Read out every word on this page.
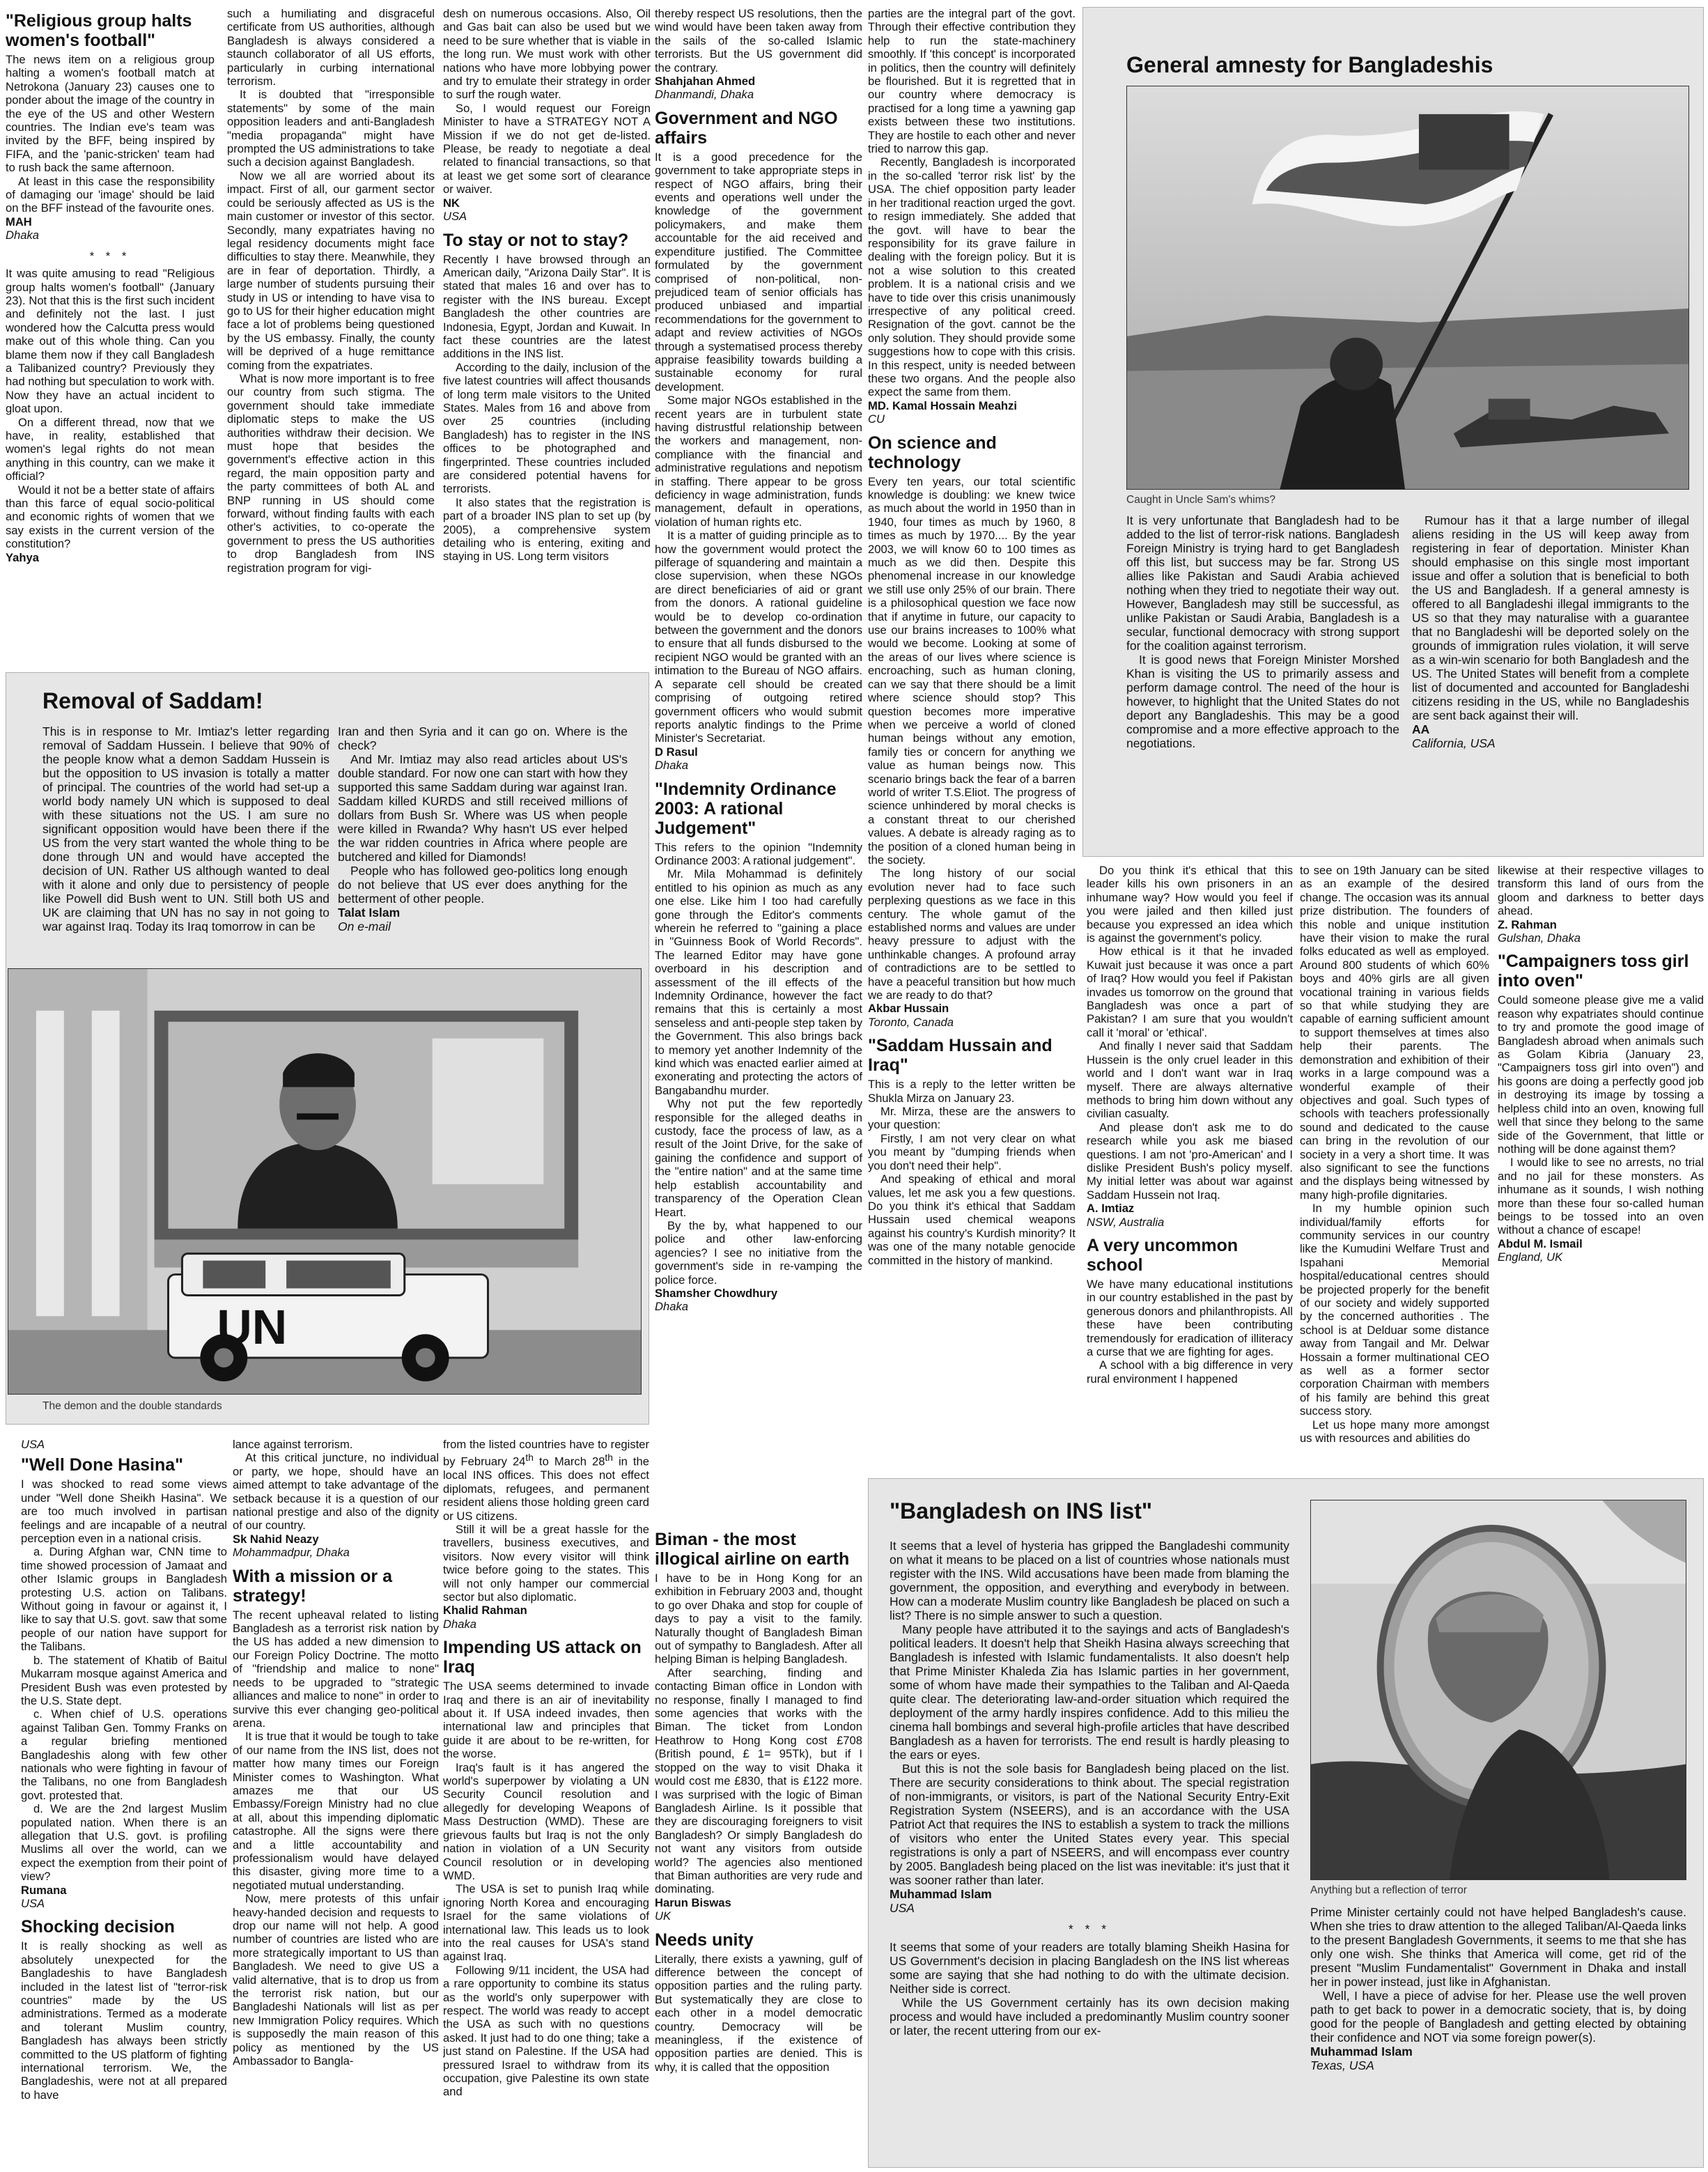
"Religious group halts women's football"

The news item on a religious group halting a women's football match at Netrokona (January 23) causes one to ponder about the image of the country in the eye of the US and other Western countries. The Indian eve's team was invited by the BFF, being inspired by FIFA, and the 'panic-stricken' team had to rush back the same afternoon.

At least in this case the responsibility of damaging our 'image' should be laid on the BFF instead of the favourite ones.

MAH

Dhaka

* * *

It was quite amusing to read "Religious group halts women's football" (January 23). Not that this is the first such incident and definitely not the last. I just wondered how the Calcutta press would make out of this whole thing. Can you blame them now if they call Bangladesh a Talibanized country? Previously they had nothing but speculation to work with. Now they have an actual incident to gloat upon.

On a different thread, now that we have, in reality, established that women's legal rights do not mean anything in this country, can we make it official?

Would it not be a better state of affairs than this farce of equal socio-political and economic rights of women that we say exists in the current version of the constitution?

Yahya

such a humiliating and disgraceful certificate from US authorities, although Bangladesh is always considered a staunch collaborator of all US efforts, particularly in curbing international terrorism.

It is doubted that "irresponsible statements" by some of the main opposition leaders and anti-Bangladesh "media propaganda" might have prompted the US administrations to take such a decision against Bangladesh.

Now we all are worried about its impact. First of all, our garment sector could be seriously affected as US is the main customer or investor of this sector. Secondly, many expatriates having no legal residency documents might face difficulties to stay there. Meanwhile, they are in fear of deportation. Thirdly, a large number of students pursuing their study in US or intending to have visa to go to US for their higher education might face a lot of problems being questioned by the US embassy. Finally, the county will be deprived of a huge remittance coming from the expatriates.

What is now more important is to free our country from such stigma. The government should take immediate diplomatic steps to make the US authorities withdraw their decision. We must hope that besides the government's effective action in this regard, the main opposition party and the party committees of both AL and BNP running in US should come forward, without finding faults with each other's activities, to co-operate the government to press the US authorities to drop Bangladesh from INS registration program for vigi-

desh on numerous occasions. Also, Oil and Gas bait can also be used but we need to be sure whether that is viable in the long run. We must work with other nations who have more lobbying power and try to emulate their strategy in order to surf the rough water.

So, I would request our Foreign Minister to have a STRATEGY NOT A Mission if we do not get de-listed. Please, be ready to negotiate a deal related to financial transactions, so that at least we get some sort of clearance or waiver.

NK

USA

To stay or not to stay?

Recently I have browsed through an American daily, "Arizona Daily Star". It is stated that males 16 and over has to register with the INS bureau. Except Bangladesh the other countries are Indonesia, Egypt, Jordan and Kuwait. In fact these countries are the latest additions in the INS list.

According to the daily, inclusion of the five latest countries will affect thousands of long term male visitors to the United States. Males from 16 and above from over 25 countries (including Bangladesh) has to register in the INS offices to be photographed and fingerprinted. These countries included are considered potential havens for terrorists.

It also states that the registration is part of a broader INS plan to set up (by 2005), a comprehensive system detailing who is entering, exiting and staying in US. Long term visitors

thereby respect US resolutions, then the wind would have been taken away from the sails of the so-called Islamic terrorists. But the US government did the contrary.

Shahjahan Ahmed

Dhanmandi, Dhaka

Government and NGO affairs

It is a good precedence for the government to take appropriate steps in respect of NGO affairs, bring their events and operations well under the knowledge of the government policymakers, and make them accountable for the aid received and expenditure justified. The Committee formulated by the government comprised of non-political, non-prejudiced team of senior officials has produced unbiased and impartial recommendations for the government to adapt and review activities of NGOs through a systematised process thereby appraise feasibility towards building a sustainable economy for rural development.

Some major NGOs established in the recent years are in turbulent state having distrustful relationship between the workers and management, non-compliance with the financial and administrative regulations and nepotism in staffing. There appear to be gross deficiency in wage administration, funds management, default in operations, violation of human rights etc.

It is a matter of guiding principle as to how the government would protect the pilferage of squandering and maintain a close supervision, when these NGOs are direct beneficiaries of aid or grant from the donors. A rational guideline would be to develop co-ordination between the government and the donors to ensure that all funds disbursed to the recipient NGO would be granted with an intimation to the Bureau of NGO affairs. A separate cell should be created comprising of outgoing retired government officers who would submit reports analytic findings to the Prime Minister's Secretariat.

D Rasul

Dhaka

"Indemnity Ordinance 2003: A rational Judgement"

This refers to the opinion "Indemnity Ordinance 2003: A rational judgement".

Mr. Mila Mohammad is definitely entitled to his opinion as much as any one else. Like him I too had carefully gone through the Editor's comments wherein he referred to "gaining a place in "Guinness Book of World Records". The learned Editor may have gone overboard in his description and assessment of the ill effects of the Indemnity Ordinance, however the fact remains that this is certainly a most senseless and anti-people step taken by the Government. This also brings back to memory yet another Indemnity of the kind which was enacted earlier aimed at exonerating and protecting the actors of Bangabandhu murder.

Why not put the few reportedly responsible for the alleged deaths in custody, face the process of law, as a result of the Joint Drive, for the sake of gaining the confidence and support of the "entire nation" and at the same time help establish accountability and transparency of the Operation Clean Heart.

By the by, what happened to our police and other law-enforcing agencies? I see no initiative from the government's side in re-vamping the police force.

Shamsher Chowdhury

Dhaka

parties are the integral part of the govt. Through their effective contribution they help to run the state-machinery smoothly. If 'this concept' is incorporated in politics, then the country will definitely be flourished. But it is regretted that in our country where democracy is practised for a long time a yawning gap exists between these two institutions. They are hostile to each other and never tried to narrow this gap.

Recently, Bangladesh is incorporated in the so-called 'terror risk list' by the USA. The chief opposition party leader in her traditional reaction urged the govt. to resign immediately. She added that the govt. will have to bear the responsibility for its grave failure in dealing with the foreign policy. But it is not a wise solution to this created problem. It is a national crisis and we have to tide over this crisis unanimously irrespective of any political creed. Resignation of the govt. cannot be the only solution. They should provide some suggestions how to cope with this crisis. In this respect, unity is needed between these two organs. And the people also expect the same from them.

MD. Kamal Hossain Meahzi

CU

On science and technology

Every ten years, our total scientific knowledge is doubling: we knew twice as much about the world in 1950 than in 1940, four times as much by 1960, 8 times as much by 1970.... By the year 2003, we will know 60 to 100 times as much as we did then. Despite this phenomenal increase in our knowledge we still use only 25% of our brain. There is a philosophical question we face now that if anytime in future, our capacity to use our brains increases to 100% what would we become. Looking at some of the areas of our lives where science is encroaching, such as human cloning, can we say that there should be a limit where science should stop? This question becomes more imperative when we perceive a world of cloned human beings without any emotion, family ties or concern for anything we value as human beings now. This scenario brings back the fear of a barren world of writer T.S.Eliot. The progress of science unhindered by moral checks is a constant threat to our cherished values. A debate is already raging as to the position of a cloned human being in the society.

The long history of our social evolution never had to face such perplexing questions as we face in this century. The whole gamut of the established norms and values are under heavy pressure to adjust with the unthinkable changes. A profound array of contradictions are to be settled to have a peaceful transition but how much we are ready to do that?

Akbar Hussain

Toronto, Canada

"Saddam Hussain and Iraq"

This is a reply to the letter written be Shukla Mirza on January 23.

Mr. Mirza, these are the answers to your question:

Firstly, I am not very clear on what you meant by "dumping friends when you don't need their help".

And speaking of ethical and moral values, let me ask you a few questions. Do you think it's ethical that Saddam Hussain used chemical weapons against his country's Kurdish minority? It was one of the many notable genocide committed in the history of mankind.

General amnesty for Bangladeshis
Caught in Uncle Sam's whims?

It is very unfortunate that Bangladesh had to be added to the list of terror-risk nations. Bangladesh Foreign Ministry is trying hard to get Bangladesh off this list, but success may be far. Strong US allies like Pakistan and Saudi Arabia achieved nothing when they tried to negotiate their way out. However, Bangladesh may still be successful, as unlike Pakistan or Saudi Arabia, Bangladesh is a secular, functional democracy with strong support for the coalition against terrorism.

It is good news that Foreign Minister Morshed Khan is visiting the US to primarily assess and perform damage control. The need of the hour is however, to highlight that the United States do not deport any Bangladeshis. This may be a good compromise and a more effective approach to the negotiations.

Rumour has it that a large number of illegal aliens residing in the US will keep away from registering in fear of deportation. Minister Khan should emphasise on this single most important issue and offer a solution that is beneficial to both the US and Bangladesh. If a general amnesty is offered to all Bangladeshi illegal immigrants to the US so that they may naturalise with a guarantee that no Bangladeshi will be deported solely on the grounds of immigration rules violation, it will serve as a win-win scenario for both Bangladesh and the US. The United States will benefit from a complete list of documented and accounted for Bangladeshi citizens residing in the US, while no Bangladeshis are sent back against their will.

AA

California, USA

Removal of Saddam!

This is in response to Mr. Imtiaz's letter regarding removal of Saddam Hussein. I believe that 90% of the people know what a demon Saddam Hussein is but the opposition to US invasion is totally a matter of principal. The countries of the world had set-up a world body namely UN which is supposed to deal with these situations not the US. I am sure no significant opposition would have been there if the US from the very start wanted the whole thing to be done through UN and would have accepted the decision of UN. Rather US although wanted to deal with it alone and only due to persistency of people like Powell did Bush went to UN. Still both US and UK are claiming that UN has no say in not going to war against Iraq. Today its Iraq tomorrow in can be

Iran and then Syria and it can go on. Where is the check?

And Mr. Imtiaz may also read articles about US's double standard. For now one can start with how they supported this same Saddam during war against Iran. Saddam killed KURDS and still received millions of dollars from Bush Sr. Where was US when people were killed in Rwanda? Why hasn't US ever helped the war ridden countries in Africa where people are butchered and killed for Diamonds!

People who has followed geo-politics long enough do not believe that US ever does anything for the betterment of other people.

Talat Islam

On e-mail

UN
The demon and the double standards

Do you think it's ethical that this leader kills his own prisoners in an inhumane way? How would you feel if you were jailed and then killed just because you expressed an idea which is against the government's policy.

How ethical is it that he invaded Kuwait just because it was once a part of Iraq? How would you feel if Pakistan invades us tomorrow on the ground that Bangladesh was once a part of Pakistan? I am sure that you wouldn't call it 'moral' or 'ethical'.

And finally I never said that Saddam Hussein is the only cruel leader in this world and I don't want war in Iraq myself. There are always alternative methods to bring him down without any civilian casualty.

And please don't ask me to do research while you ask me biased questions. I am not 'pro-American' and I dislike President Bush's policy myself. My initial letter was about war against Saddam Hussein not Iraq.

A. Imtiaz

NSW, Australia

A very uncommon school

We have many educational institutions in our country established in the past by generous donors and philanthropists. All these have been contributing tremendously for eradication of illiteracy a curse that we are fighting for ages.

A school with a big difference in very rural environment I happened

to see on 19th January can be sited as an example of the desired change. The occasion was its annual prize distribution. The founders of this noble and unique institution have their vision to make the rural folks educated as well as employed. Around 800 students of which 60% boys and 40% girls are all given vocational training in various fields so that while studying they are capable of earning sufficient amount to support themselves at times also help their parents. The demonstration and exhibition of their works in a large compound was a wonderful example of their objectives and goal. Such types of schools with teachers professionally sound and dedicated to the cause can bring in the revolution of our society in a very a short time. It was also significant to see the functions and the displays being witnessed by many high-profile dignitaries.

In my humble opinion such individual/family efforts for community services in our country like the Kumudini Welfare Trust and Ispahani Memorial hospital/educational centres should be projected properly for the benefit of our society and widely supported by the concerned authorities . The school is at Delduar some distance away from Tangail and Mr. Delwar Hossain a former multinational CEO as well as a former sector corporation Chairman with members of his family are behind this great success story.

Let us hope many more amongst us with resources and abilities do

likewise at their respective villages to transform this land of ours from the gloom and darkness to better days ahead.

Z. Rahman

Gulshan, Dhaka

"Campaigners toss girl into oven"

Could someone please give me a valid reason why expatriates should continue to try and promote the good image of Bangladesh abroad when animals such as Golam Kibria (January 23, "Campaigners toss girl into oven") and his goons are doing a perfectly good job in destroying its image by tossing a helpless child into an oven, knowing full well that since they belong to the same side of the Government, that little or nothing will be done against them?

I would like to see no arrests, no trial and no jail for these monsters. As inhumane as it sounds, I wish nothing more than these four so-called human beings to be tossed into an oven without a chance of escape!

Abdul M. Ismail

England, UK

USA

"Well Done Hasina"

I was shocked to read some views under "Well done Sheikh Hasina". We are too much involved in partisan feelings and are incapable of a neutral perception even in a national crisis.

a. During Afghan war, CNN time to time showed procession of Jamaat and other Islamic groups in Bangladesh protesting U.S. action on Talibans. Without going in favour or against it, I like to say that U.S. govt. saw that some people of our nation have support for the Talibans.

b. The statement of Khatib of Baitul Mukarram mosque against America and President Bush was even protested by the U.S. State dept.

c. When chief of U.S. operations against Taliban Gen. Tommy Franks on a regular briefing mentioned Bangladeshis along with few other nationals who were fighting in favour of the Talibans, no one from Bangladesh govt. protested that.

d. We are the 2nd largest Muslim populated nation. When there is an allegation that U.S. govt. is profiling Muslims all over the world, can we expect the exemption from their point of view?

Rumana

USA

Shocking decision

It is really shocking as well as absolutely unexpected for the Bangladeshis to have Bangladesh included in the latest list of "terror-risk countries" made by the US administrations. Termed as a moderate and tolerant Muslim country, Bangladesh has always been strictly committed to the US platform of fighting international terrorism. We, the Bangladeshis, were not at all prepared to have

lance against terrorism.

At this critical juncture, no individual or party, we hope, should have an aimed attempt to take advantage of the setback because it is a question of our national prestige and also of the dignity of our country.

Sk Nahid Neazy

Mohammadpur, Dhaka

With a mission or a strategy!

The recent upheaval related to listing Bangladesh as a terrorist risk nation by the US has added a new dimension to our Foreign Policy Doctrine. The motto of "friendship and malice to none" needs to be upgraded to "strategic alliances and malice to none" in order to survive this ever changing geo-political arena.

It is true that it would be tough to take of our name from the INS list, does not matter how many times our Foreign Minister comes to Washington. What amazes me that our US Embassy/Foreign Ministry had no clue at all, about this impending diplomatic catastrophe. All the signs were there and a little accountability and professionalism would have delayed this disaster, giving more time to a negotiated mutual understanding.

Now, mere protests of this unfair heavy-handed decision and requests to drop our name will not help. A good number of countries are listed who are more strategically important to US than Bangladesh. We need to give US a valid alternative, that is to drop us from the terrorist risk nation, but our Bangladeshi Nationals will list as per new Immigration Policy requires. Which is supposedly the main reason of this policy as mentioned by the US Ambassador to Bangla-

from the listed countries have to register by February 24th to March 28th in the local INS offices. This does not effect diplomats, refugees, and permanent resident aliens those holding green card or US citizens.

Still it will be a great hassle for the travellers, business executives, and visitors. Now every visitor will think twice before going to the states. This will not only hamper our commercial sector but also diplomatic.

Khalid Rahman

Dhaka

Impending US attack on Iraq

The USA seems determined to invade Iraq and there is an air of inevitability about it. If USA indeed invades, then international law and principles that guide it are about to be re-written, for the worse.

Iraq's fault is it has angered the world's superpower by violating a UN Security Council resolution and allegedly for developing Weapons of Mass Destruction (WMD). These are grievous faults but Iraq is not the only nation in violation of a UN Security Council resolution or in developing WMD.

The USA is set to punish Iraq while ignoring North Korea and encouraging Israel for the same violations of international law. This leads us to look into the real causes for USA's stand against Iraq.

Following 9/11 incident, the USA had a rare opportunity to combine its status as the world's only superpower with respect. The world was ready to accept the USA as such with no questions asked. It just had to do one thing; take a just stand on Palestine. If the USA had pressured Israel to withdraw from its occupation, give Palestine its own state and

Biman - the most illogical airline on earth

I have to be in Hong Kong for an exhibition in February 2003 and, thought to go over Dhaka and stop for couple of days to pay a visit to the family. Naturally thought of Bangladesh Biman out of sympathy to Bangladesh. After all helping Biman is helping Bangladesh.

After searching, finding and contacting Biman office in London with no response, finally I managed to find some agencies that works with the Biman. The ticket from London Heathrow to Hong Kong cost £708 (British pound, £ 1= 95Tk), but if I stopped on the way to visit Dhaka it would cost me £830, that is £122 more. I was surprised with the logic of Biman Bangladesh Airline. Is it possible that they are discouraging foreigners to visit Bangladesh? Or simply Bangladesh do not want any visitors from outside world? The agencies also mentioned that Biman authorities are very rude and dominating.

Harun Biswas

UK

Needs unity

Literally, there exists a yawning, gulf of difference between the concept of opposition parties and the ruling party. But systematically they are close to each other in a model democratic country. Democracy will be meaningless, if the existence of opposition parties are denied. This is why, it is called that the opposition

"Bangladesh on INS list"

It seems that a level of hysteria has gripped the Bangladeshi community on what it means to be placed on a list of countries whose nationals must register with the INS. Wild accusations have been made from blaming the government, the opposition, and everything and everybody in between. How can a moderate Muslim country like Bangladesh be placed on such a list? There is no simple answer to such a question.

Many people have attributed it to the sayings and acts of Bangladesh's political leaders. It doesn't help that Sheikh Hasina always screeching that Bangladesh is infested with Islamic fundamentalists. It also doesn't help that Prime Minister Khaleda Zia has Islamic parties in her government, some of whom have made their sympathies to the Taliban and Al-Qaeda quite clear. The deteriorating law-and-order situation which required the deployment of the army hardly inspires confidence. Add to this milieu the cinema hall bombings and several high-profile articles that have described Bangladesh as a haven for terrorists. The end result is hardly pleasing to the ears or eyes.

But this is not the sole basis for Bangladesh being placed on the list. There are security considerations to think about. The special registration of non-immigrants, or visitors, is part of the National Security Entry-Exit Registration System (NSEERS), and is an accordance with the USA Patriot Act that requires the INS to establish a system to track the millions of visitors who enter the United States every year. This special registrations is only a part of NSEERS, and will encompass ever country by 2005. Bangladesh being placed on the list was inevitable: it's just that it was sooner rather than later.

Muhammad Islam

USA

* * *

It seems that some of your readers are totally blaming Sheikh Hasina for US Government's decision in placing Bangladesh on the INS list whereas some are saying that she had nothing to do with the ultimate decision. Neither side is correct.

While the US Government certainly has its own decision making process and would have included a predominantly Muslim country sooner or later, the recent uttering from our ex-

Anything but a reflection of terror

Prime Minister certainly could not have helped Bangladesh's cause. When she tries to draw attention to the alleged Taliban/Al-Qaeda links to the present Bangladesh Governments, it seems to me that she has only one wish. She thinks that America will come, get rid of the present "Muslim Fundamentalist" Government in Dhaka and install her in power instead, just like in Afghanistan.

Well, I have a piece of advise for her. Please use the well proven path to get back to power in a democratic society, that is, by doing good for the people of Bangladesh and getting elected by obtaining their confidence and NOT via some foreign power(s).

Muhammad Islam

Texas, USA
